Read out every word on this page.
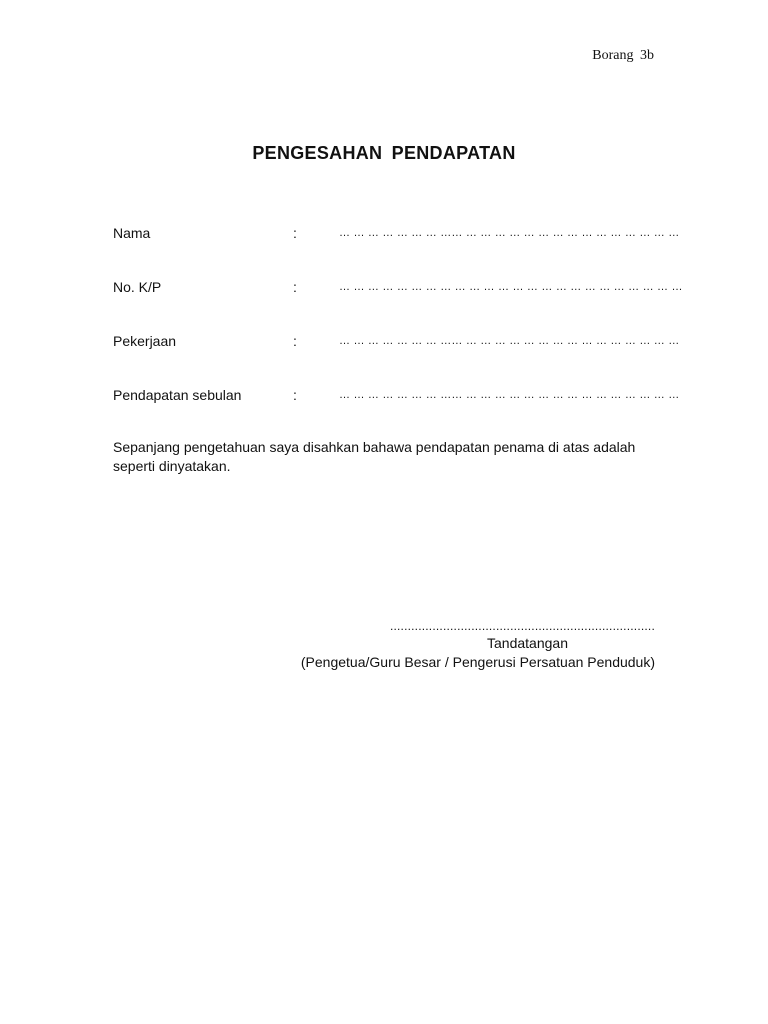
Borang 3b
PENGESAHAN PENDAPATAN
Nama	:	… … … … … … … …… … … … … … … … … … … … … … … …
No. K/P	:	… … … … … … … … … … … … … … … … … … … … … … … …
Pekerjaan	:	… … … … … … … …… … … … … … … … … … … … … … … …
Pendapatan sebulan	:	… … … … … … … …… … … … … … … … … … … … … … … …
Sepanjang pengetahuan saya disahkan bahawa pendapatan penama di atas adalah seperti dinyatakan.
...........................................................................
Tandatangan
(Pengetua/Guru Besar / Pengerusi Persatuan Penduduk)
